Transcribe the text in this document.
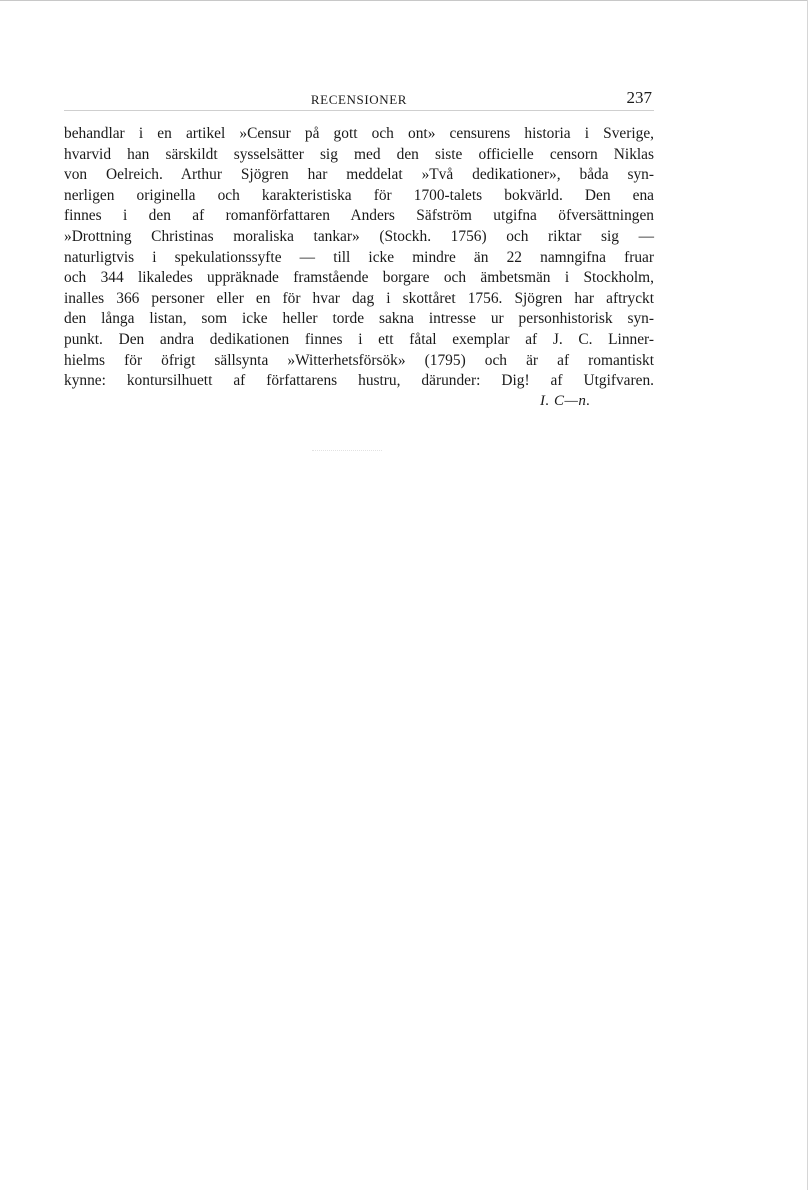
RECENSIONER	237
behandlar i en artikel »Censur på gott och ont» censurens historia i Sverige,
hvarvid han särskildt sysselsätter sig med den siste officielle censorn Niklas
von Oelreich. Arthur Sjögren har meddelat »Två dedikationer», båda syn-
nerligen originella och karakteristiska för 1700-talets bokvärld. Den ena
finnes i den af romanförfattaren Anders Säfström utgifna öfversättningen
»Drottning Christinas moraliska tankar» (Stockh. 1756) och riktar sig —
naturligtvis i spekulationssyfte — till icke mindre än 22 namngifna fruar
och 344 likaledes uppräknade framstående borgare och ämbetsmän i Stockholm,
inalles 366 personer eller en för hvar dag i skottåret 1756. Sjögren har aftryckt
den långa listan, som icke heller torde sakna intresse ur personhistorisk syn-
punkt. Den andra dedikationen finnes i ett fåtal exemplar af J. C. Linner-
hielms för öfrigt sällsynta »Witterhetsförsök» (1795) och är af romantiskt
kynne: kontursilhuett af författarens hustru, därunder: Dig! af Utgifvaren.
I. C—n.
